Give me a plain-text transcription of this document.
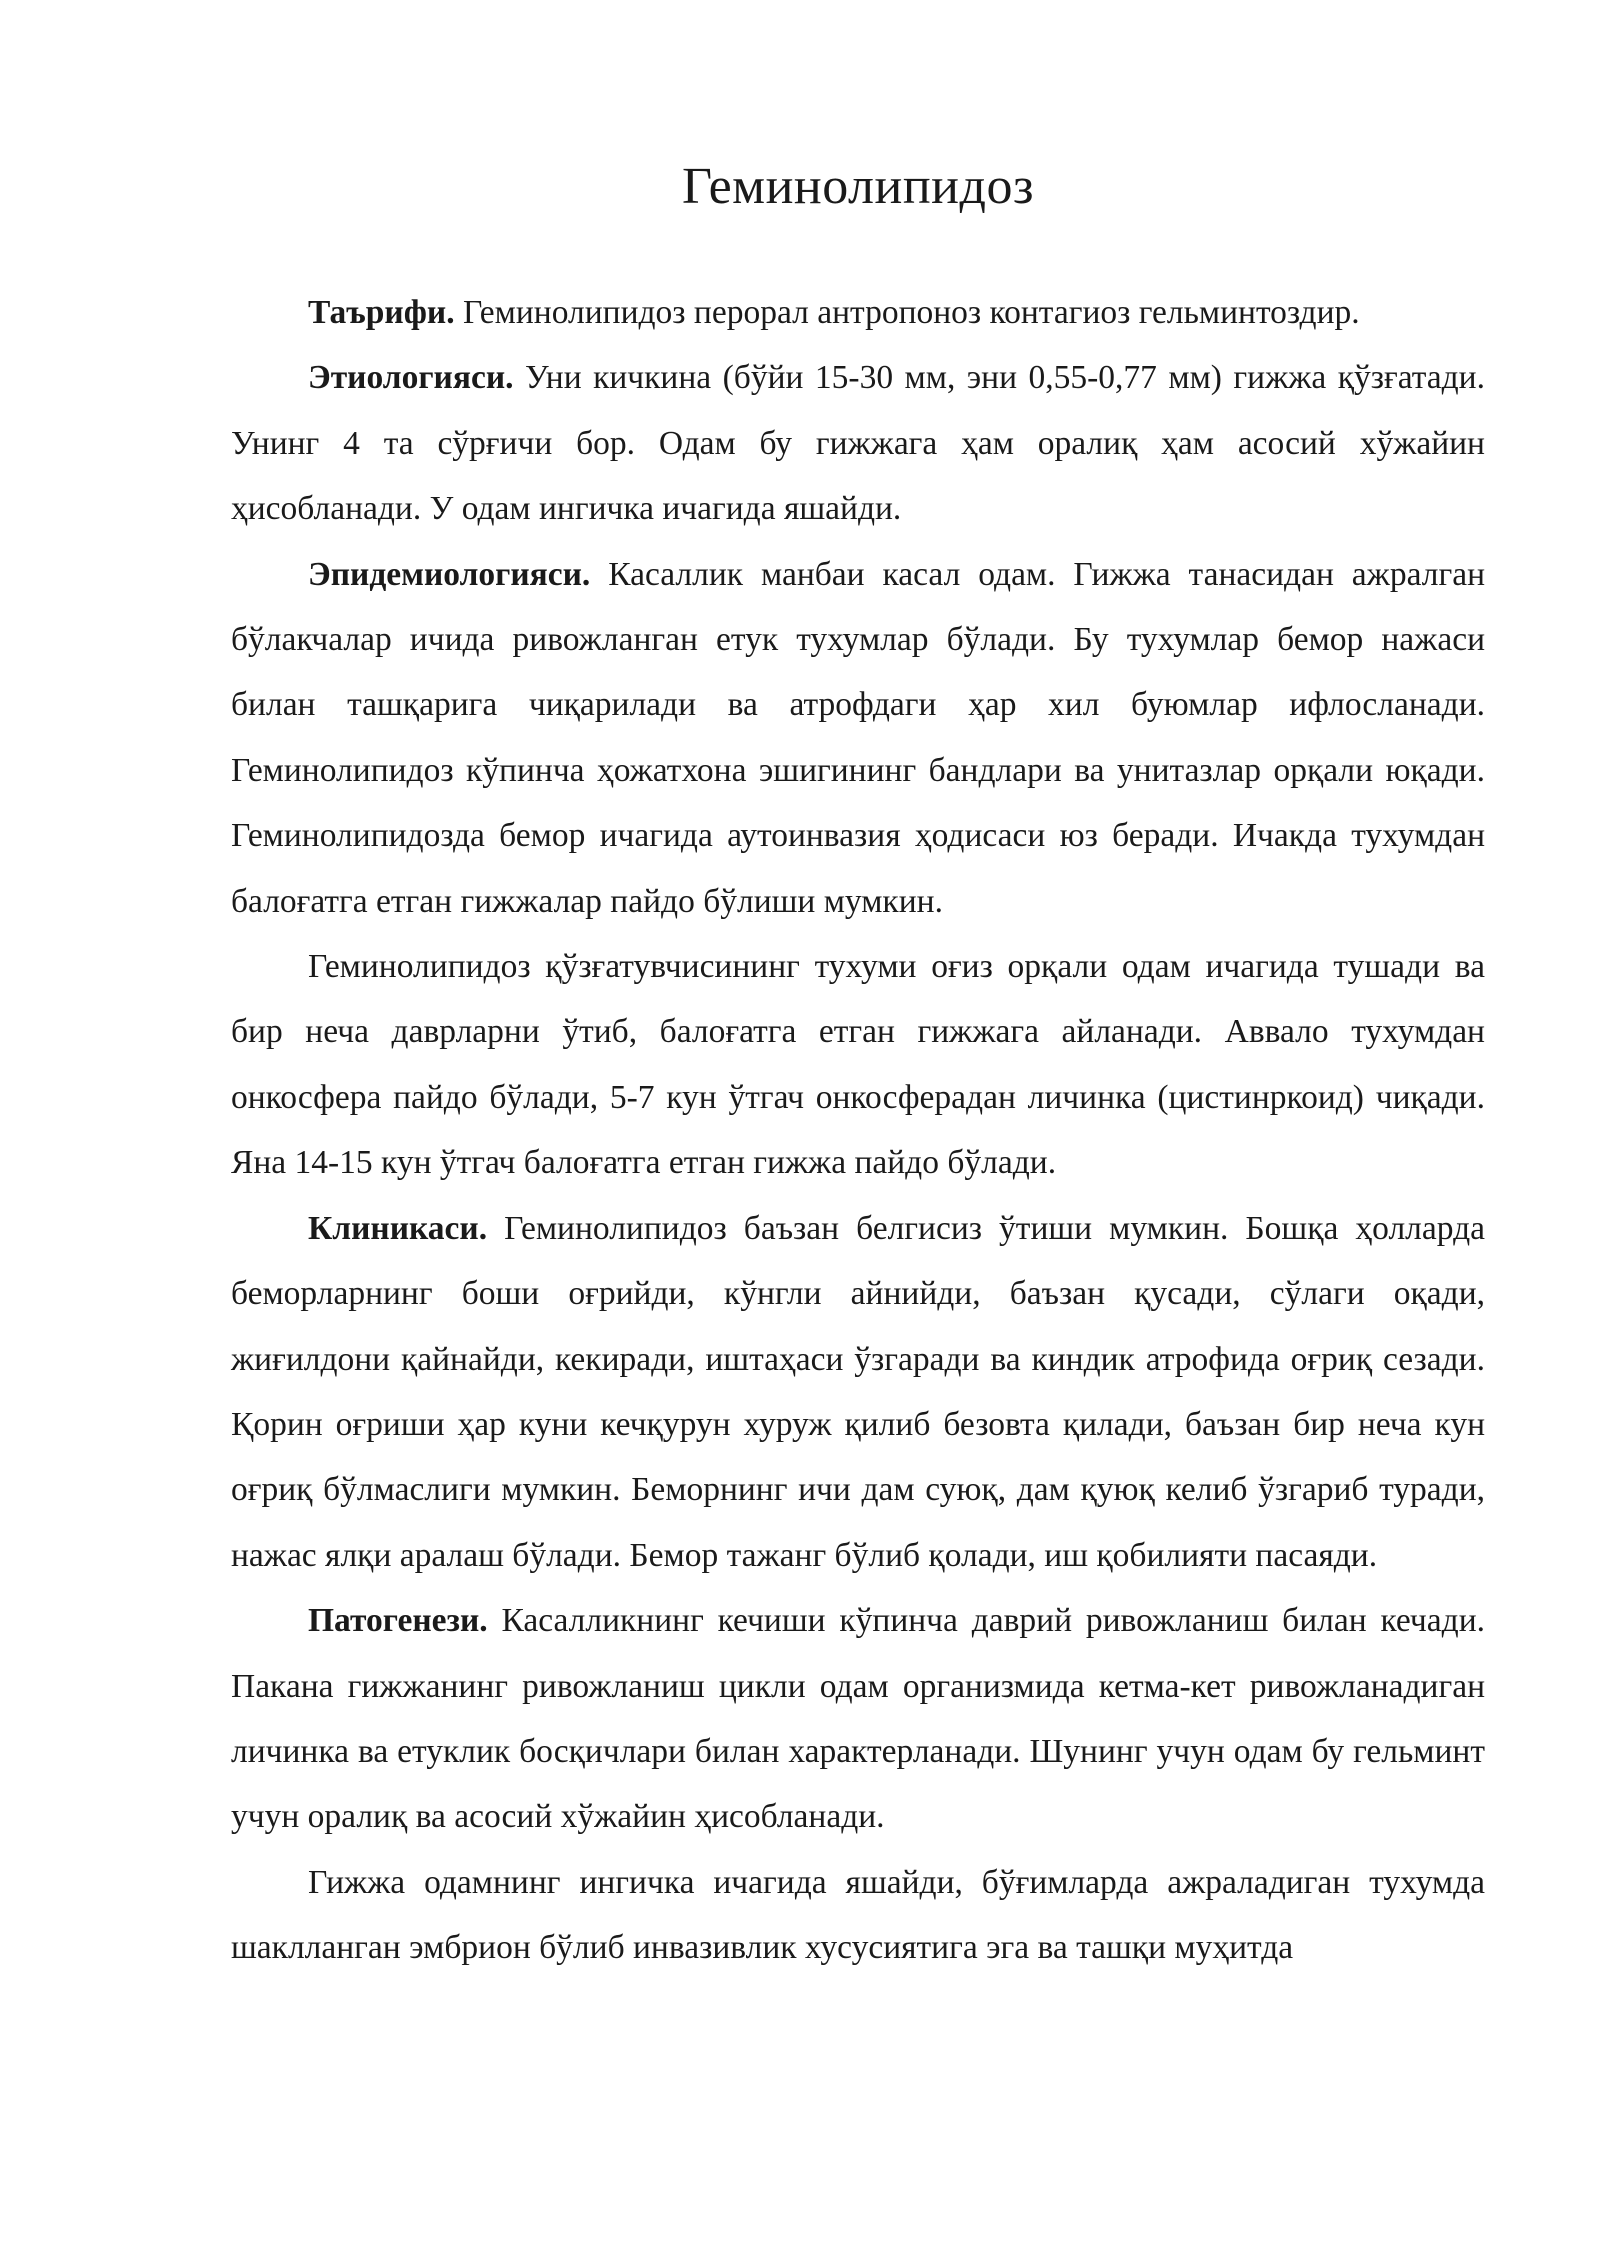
Геминолипидоз

Таърифи. Геминолипидоз перорал антропоноз контагиоз гельминтоздир.

Этиологияси. Уни кичкина (бўйи 15-30 мм, эни 0,55-0,77 мм) гижжа қўзғатади. Унинг 4 та сўрғичи бор. Одам бу гижжага ҳам оралиқ ҳам асосий хўжайин ҳисобланади. У одам ингичка ичагида яшайди.

Эпидемиологияси. Касаллик манбаи касал одам. Гижжа танасидан ажралган бўлакчалар ичида ривожланган етук тухумлар бўлади. Бу тухумлар бемор нажаси билан ташқарига чиқарилади ва атрофдаги ҳар хил буюмлар ифлосланади. Геминолипидоз кўпинча ҳожатхона эшигининг бандлари ва унитазлар орқали юқади. Геминолипидозда бемор ичагида аутоинвазия ҳодисаси юз беради. Ичакда тухумдан балоғатга етган гижжалар пайдо бўлиши мумкин.

Геминолипидоз қўзғатувчисининг тухуми оғиз орқали одам ичагида тушади ва бир неча даврларни ўтиб, балоғатга етган гижжага айланади. Аввало тухумдан онкосфера пайдо бўлади, 5-7 кун ўтгач онкосферадан личинка (цистинркоид) чиқади. Яна 14-15 кун ўтгач балоғатга етган гижжа пайдо бўлади.

Клиникаси. Геминолипидоз баъзан белгисиз ўтиши мумкин. Бошқа ҳолларда беморларнинг боши оғрийди, кўнгли айнийди, баъзан қусади, сўлаги оқади, жиғилдони қайнайди, кекиради, иштаҳаси ўзгаради ва киндик атрофида оғриқ сезади. Қорин оғриши ҳар куни кечқурун хуруж қилиб безовта қилади, баъзан бир неча кун оғриқ бўлмаслиги мумкин. Беморнинг ичи дам суюқ, дам қуюқ келиб ўзгариб туради, нажас ялқи аралаш бўлади. Бемор тажанг бўлиб қолади, иш қобилияти пасаяди.

Патогенези. Касалликнинг кечиши кўпинча даврий ривожланиш билан кечади. Пакана гижжанинг ривожланиш цикли одам организмида кетма-кет ривожланадиган личинка ва етуклик босқичлари билан характерланади. Шунинг учун одам бу гельминт учун оралиқ ва асосий хўжайин ҳисобланади.

Гижжа одамнинг ингичка ичагида яшайди, бўғимларда ажраладиган тухумда шаклланган эмбрион бўлиб инвазивлик хусусиятига эга ва ташқи муҳитда
